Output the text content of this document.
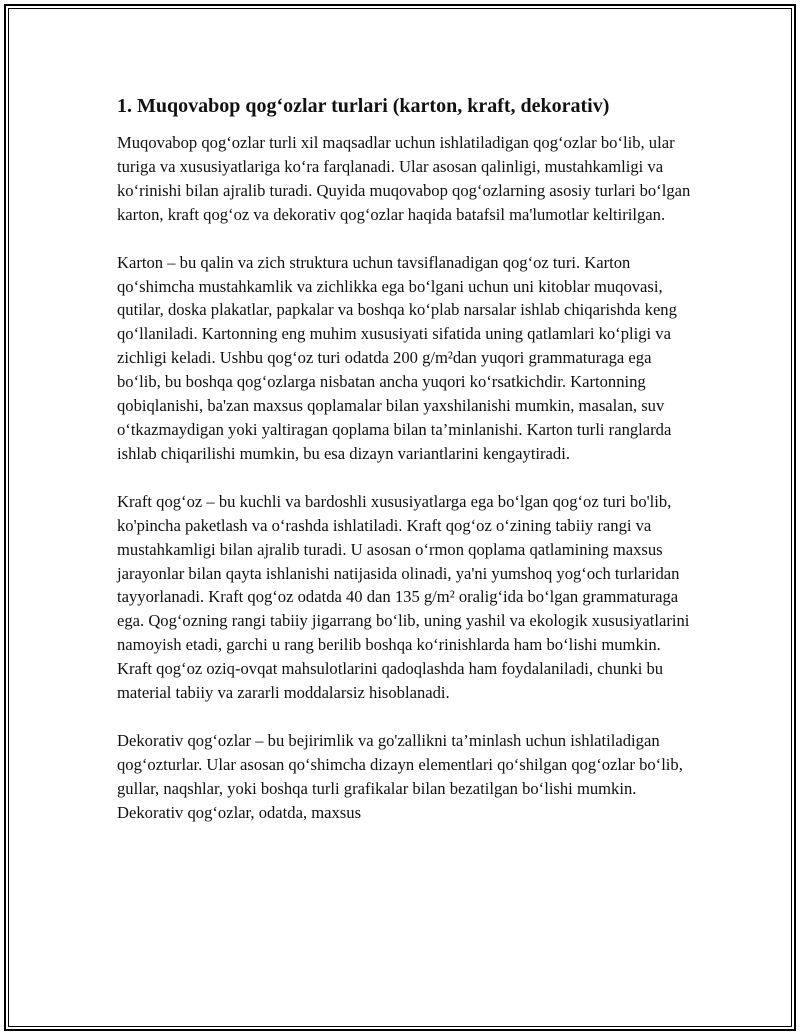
1. Muqovabop qog‘ozlar turlari (karton, kraft, dekorativ)

Muqovabop qog‘ozlar turli xil maqsadlar uchun ishlatiladigan qog‘ozlar bo‘lib, ular turiga va xususiyatlariga ko‘ra farqlanadi. Ular asosan qalinligi, mustahkamligi va ko‘rinishi bilan ajralib turadi. Quyida muqovabop qog‘ozlarning asosiy turlari bo‘lgan karton, kraft qog‘oz va dekorativ qog‘ozlar haqida batafsil ma'lumotlar keltirilgan.

Karton – bu qalin va zich struktura uchun tavsiflanadigan qog‘oz turi. Karton qo‘shimcha mustahkamlik va zichlikka ega bo‘lgani uchun uni kitoblar muqovasi, qutilar, doska plakatlar, papkalar va boshqa ko‘plab narsalar ishlab chiqarishda keng qo‘llaniladi. Kartonning eng muhim xususiyati sifatida uning qatlamlari ko‘pligi va zichligi keladi. Ushbu qog‘oz turi odatda 200 g/m²dan yuqori grammaturaga ega bo‘lib, bu boshqa qog‘ozlarga nisbatan ancha yuqori ko‘rsatkichdir. Kartonning qobiqlanishi, ba'zan maxsus qoplamalar bilan yaxshilanishi mumkin, masalan, suv o‘tkazmaydigan yoki yaltiragan qoplama bilan ta’minlanishi. Karton turli ranglarda ishlab chiqarilishi mumkin, bu esa dizayn variantlarini kengaytiradi.

Kraft qog‘oz – bu kuchli va bardoshli xususiyatlarga ega bo‘lgan qog‘oz turi bo'lib, ko'pincha paketlash va o‘rashda ishlatiladi. Kraft qog‘oz o‘zining tabiiy rangi va mustahkamligi bilan ajralib turadi. U asosan o‘rmon qoplama qatlamining maxsus jarayonlar bilan qayta ishlanishi natijasida olinadi, ya'ni yumshoq yog‘och turlaridan tayyorlanadi. Kraft qog‘oz odatda 40 dan 135 g/m² oralig‘ida bo‘lgan grammaturaga ega. Qog‘ozning rangi tabiiy jigarrang bo‘lib, uning yashil va ekologik xususiyatlarini namoyish etadi, garchi u rang berilib boshqa ko‘rinishlarda ham bo‘lishi mumkin. Kraft qog‘oz oziq-ovqat mahsulotlarini qadoqlashda ham foydalaniladi, chunki bu material tabiiy va zararli moddalarsiz hisoblanadi.

Dekorativ qog‘ozlar – bu bejirimlik va go'zallikni ta’minlash uchun ishlatiladigan qog‘ozturlar. Ular asosan qo‘shimcha dizayn elementlari qo‘shilgan qog‘ozlar bo‘lib, gullar, naqshlar, yoki boshqa turli grafikalar bilan bezatilgan bo‘lishi mumkin. Dekorativ qog‘ozlar, odatda, maxsus
